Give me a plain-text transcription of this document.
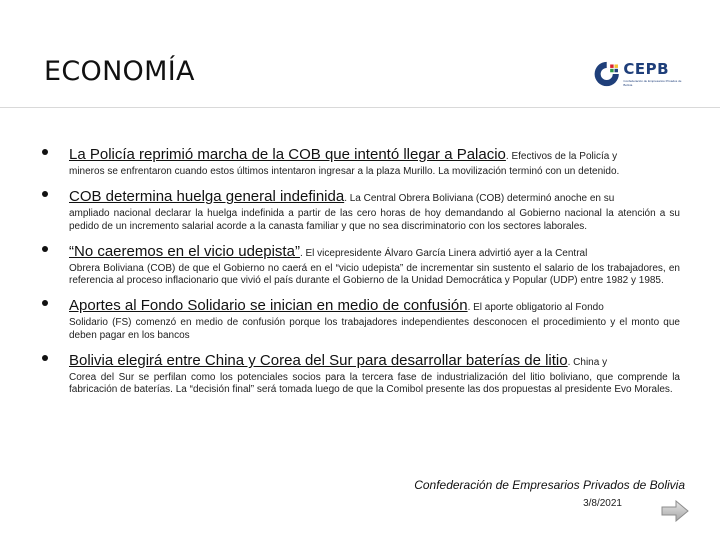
ECONOMÍA	CEPB
Confederación de Empresarios Privados de Bolivia
La Policía reprimió marcha de la COB que intentó llegar a Palacio. Efectivos de la Policía y
mineros se enfrentaron cuando estos últimos intentaron ingresar a la plaza Murillo. La movilización terminó con un detenido.
COB determina huelga general indefinida. La Central Obrera Boliviana (COB) determinó anoche en su
ampliado nacional declarar la huelga indefinida a partir de las cero horas de hoy demandando al Gobierno nacional la atención a su pedido de un incremento salarial acorde a la canasta familiar y que no sea discriminatorio con los sectores laborales.
“No caeremos en el vicio udepista”. El vicepresidente Álvaro García Linera advirtió ayer a la Central
Obrera Boliviana (COB) de que el Gobierno no caerá en el “vicio udepista” de incrementar sin sustento el salario de los trabajadores, en referencia al proceso inflacionario que vivió el país durante el Gobierno de la Unidad Democrática y Popular (UDP) entre 1982 y 1985.
Aportes al Fondo Solidario se inician en medio de confusión. El aporte obligatorio al Fondo
Solidario (FS) comenzó en medio de confusión porque los trabajadores independientes desconocen el procedimiento y el monto que deben pagar en los bancos
Bolivia elegirá entre China y Corea del Sur para desarrollar baterías de litio. China y
Corea del Sur se perfilan como los potenciales socios para la tercera fase de industrialización del litio boliviano, que comprende la fabricación de baterías. La “decisión final” será tomada luego de que la Comibol presente las dos propuestas al presidente Evo Morales.
Confederación de Empresarios Privados de Bolivia
3/8/2021
